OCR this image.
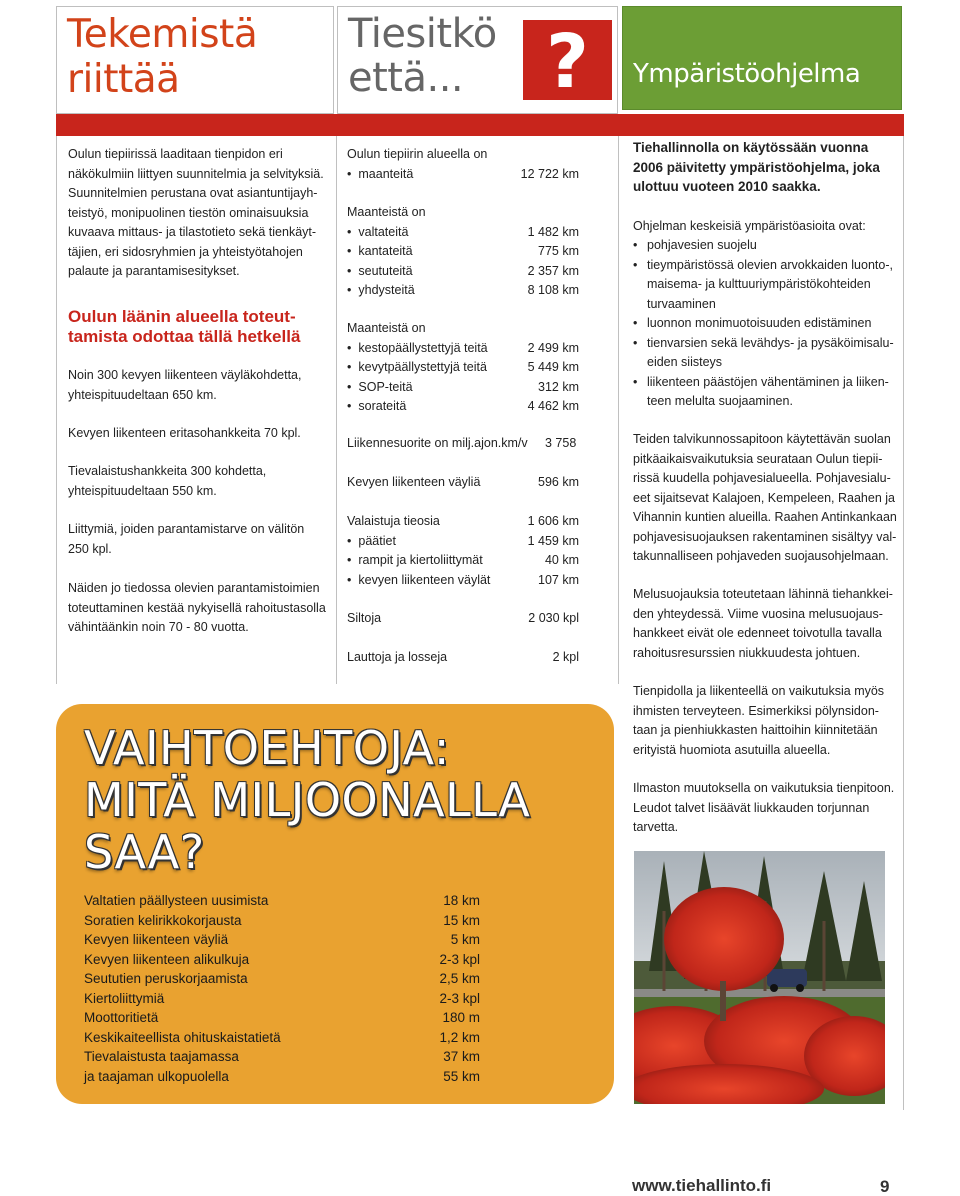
Tekemistä
riittää
Tiesitkö
että...	?	Ympäristöohjelma
Oulun tiepiirissä laaditaan tienpidon eri
näkökulmiin liittyen suunnitelmia ja selvityksiä.
Suunnitelmien perustana ovat asiantuntijayh-
teistyö, monipuolinen tiestön ominaisuuksia
kuvaava mittaus- ja tilastotieto sekä tienkäyt-
täjien, eri sidosryhmien ja yhteistyötahojen
palaute ja parantamisesitykset.
Oulun läänin alueella toteut-
tamista odottaa tällä hetkellä
Noin 300 kevyen liikenteen väyläkohdetta,
yhteispituudeltaan 650 km.
Kevyen liikenteen eritasohankkeita 70 kpl.
Tievalaistushankkeita 300 kohdetta,
yhteispituudeltaan 550 km.
Liittymiä, joiden parantamistarve on välitön
250 kpl.
Näiden jo tiedossa olevien parantamistoimien
toteuttaminen kestää nykyisellä rahoitustasolla
vähintäänkin noin 70 - 80 vuotta.
Oulun tiepiirin alueella on
• maanteitä	12 722 km
Maanteistä on
• valtateitä	1 482 km
• kantateitä	775 km
• seututeitä	2 357 km
• yhdysteitä	8 108 km
Maanteistä on
• kestopäällystettyjä teitä	2 499 km
• kevytpäällystettyjä teitä	5 449 km
• SOP-teitä	312 km
• sorateitä	4 462 km
Liikennesuorite on milj.ajon.km/v 3 758
Kevyen liikenteen väyliä	596 km
Valaistuja tieosia	1 606 km
• päätiet	1 459 km
• rampit ja kiertoliittymät	40 km
• kevyen liikenteen väylät	107 km
Siltoja	2 030 kpl
Lauttoja ja losseja	2 kpl
Tiehallinnolla on käytössään vuonna
2006 päivitetty ympäristöohjelma, joka
ulottuu vuoteen 2010 saakka.
Ohjelman keskeisiä ympäristöasioita ovat:
• pohjavesien suojelu
• tieympäristössä olevien arvokkaiden luonto-,
maisema- ja kulttuuriympäristökohteiden
turvaaminen
• luonnon monimuotoisuuden edistäminen
• tienvarsien sekä levähdys- ja pysäköimisalu-
eiden siisteys
• liikenteen päästöjen vähentäminen ja liiken-
teen melulta suojaaminen.
Teiden talvikunnossapitoon käytettävän suolan
pitkäaikaisvaikutuksia seurataan Oulun tiepii-
rissä kuudella pohjavesialueella. Pohjavesialu-
eet sijaitsevat Kalajoen, Kempeleen, Raahen ja
Vihannin kuntien alueilla. Raahen Antinkankaan
pohjavesisuojauksen rakentaminen sisältyy val-
takunnalliseen pohjaveden suojausohjelmaan.
Melusuojauksia toteutetaan lähinnä tiehankkei-
den yhteydessä. Viime vuosina melusuojaus-
hankkeet eivät ole edenneet toivotulla tavalla
rahoitusresurssien niukkuudesta johtuen.
Tienpidolla ja liikenteellä on vaikutuksia myös
ihmisten terveyteen. Esimerkiksi pölynsidon-
taan ja pienhiukkasten haittoihin kiinnitetään
erityistä huomiota asutuilla alueella.
Ilmaston muutoksella on vaikutuksia tienpitoon.
Leudot talvet lisäävät liukkauden torjunnan
tarvetta.
VAIHTOEHTOJA:
MITÄ MILJOONALLA
SAA?
Valtatien päällysteen uusimista	18 km
Soratien kelirikkokorjausta	15 km
Kevyen liikenteen väyliä	5 km
Kevyen liikenteen alikulkuja	2-3 kpl
Seututien peruskorjaamista	2,5 km
Kiertoliittymiä	2-3 kpl
Moottoritietä	180 m
Keskikaiteellista ohituskaistatietä	1,2 km
Tievalaistusta taajamassa	37 km
ja taajaman ulkopuolella	55 km
www.tiehallinto.fi	9
